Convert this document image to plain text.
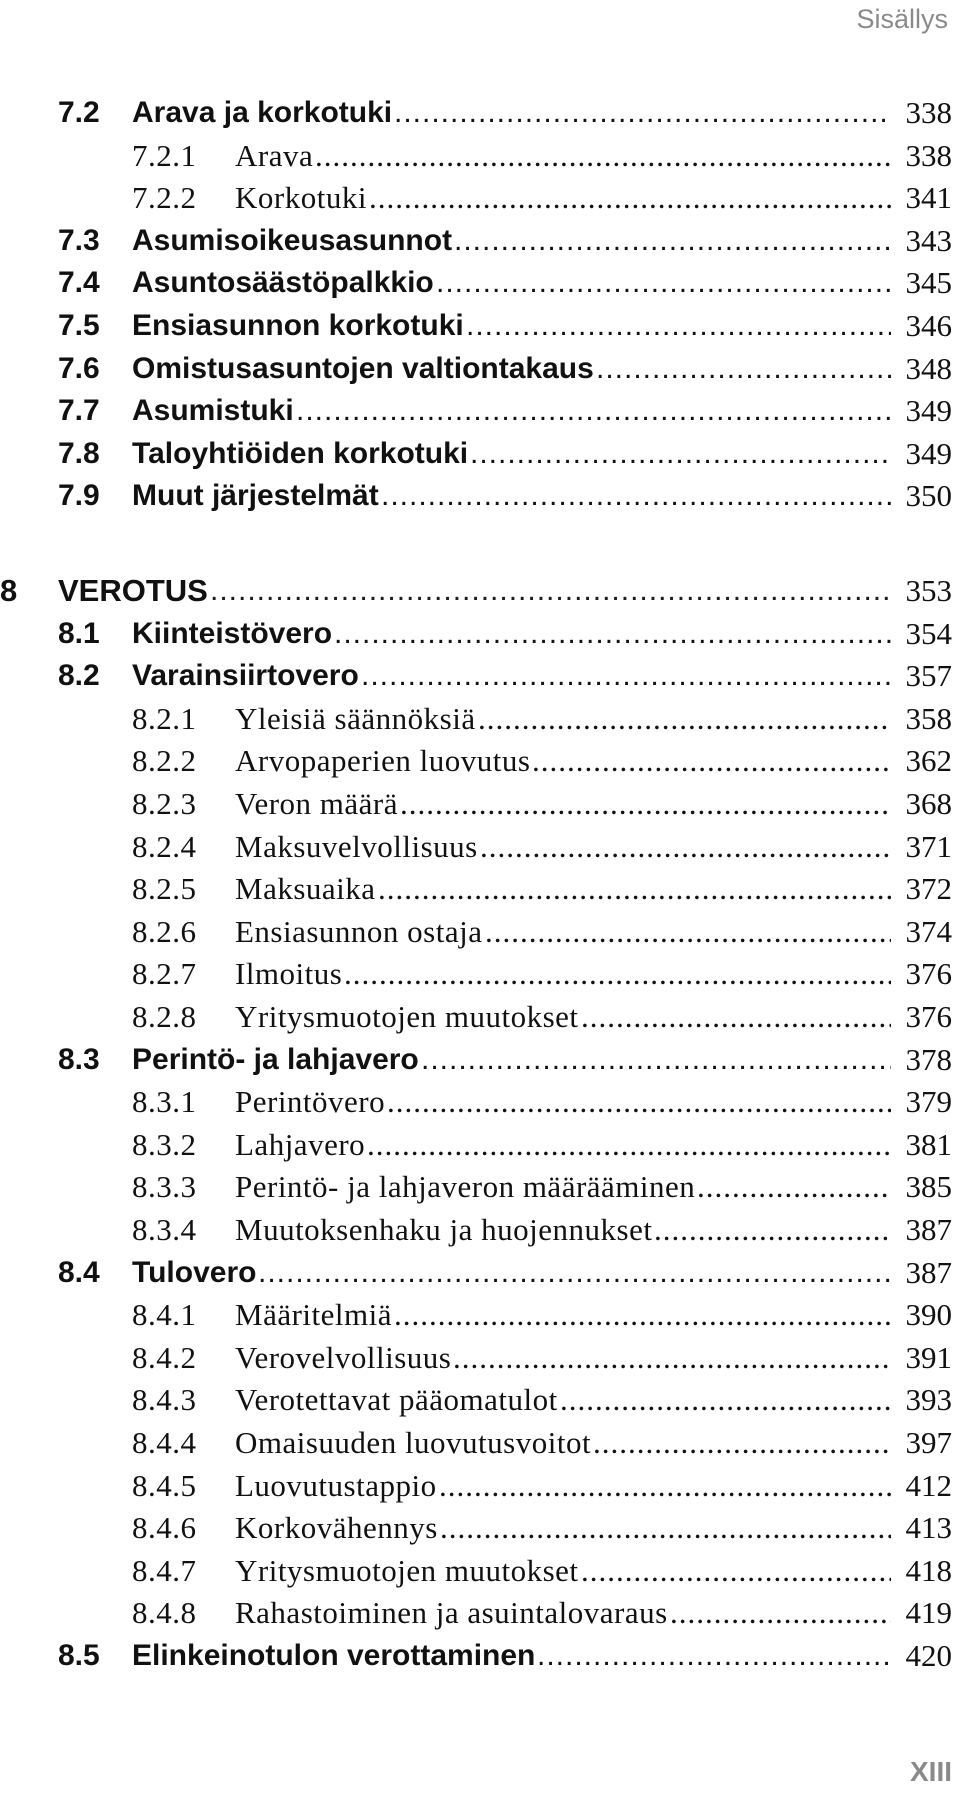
Sisällys
7.2 Arava ja korkotuki .....	338
7.2.1 Arava .....	338
7.2.2 Korkotuki .....	341
7.3 Asumisoikeusasunnot .....	343
7.4 Asuntosäästöpalkkio .....	345
7.5 Ensiasunnon korkotuki .....	346
7.6 Omistusasuntojen valtiontakaus .....	348
7.7 Asumistuki .....	349
7.8 Taloyhtiöiden korkotuki .....	349
7.9 Muut järjestelmät .....	350
8 VEROTUS .....	353
8.1 Kiinteistövero .....	354
8.2 Varainsiirtovero .....	357
8.2.1 Yleisiä säännöksiä .....	358
8.2.2 Arvopaperien luovutus .....	362
8.2.3 Veron määrä .....	368
8.2.4 Maksuvelvollisuus .....	371
8.2.5 Maksuaika .....	372
8.2.6 Ensiasunnon ostaja .....	374
8.2.7 Ilmoitus .....	376
8.2.8 Yritysmuotojen muutokset .....	376
8.3 Perintö- ja lahjavero .....	378
8.3.1 Perintövero .....	379
8.3.2 Lahjavero .....	381
8.3.3 Perintö- ja lahjaveron määrääminen .....	385
8.3.4 Muutoksenhaku ja huojennukset .....	387
8.4 Tulovero .....	387
8.4.1 Määritelmiä .....	390
8.4.2 Verovelvollisuus .....	391
8.4.3 Verotettavat pääomatulot .....	393
8.4.4 Omaisuuden luovutusvoitot .....	397
8.4.5 Luovutustappio .....	412
8.4.6 Korkovähennys .....	413
8.4.7 Yritysmuotojen muutokset .....	418
8.4.8 Rahastoiminen ja asuintalovaraus .....	419
8.5 Elinkeinotulon verottaminen .....	420
XIII
